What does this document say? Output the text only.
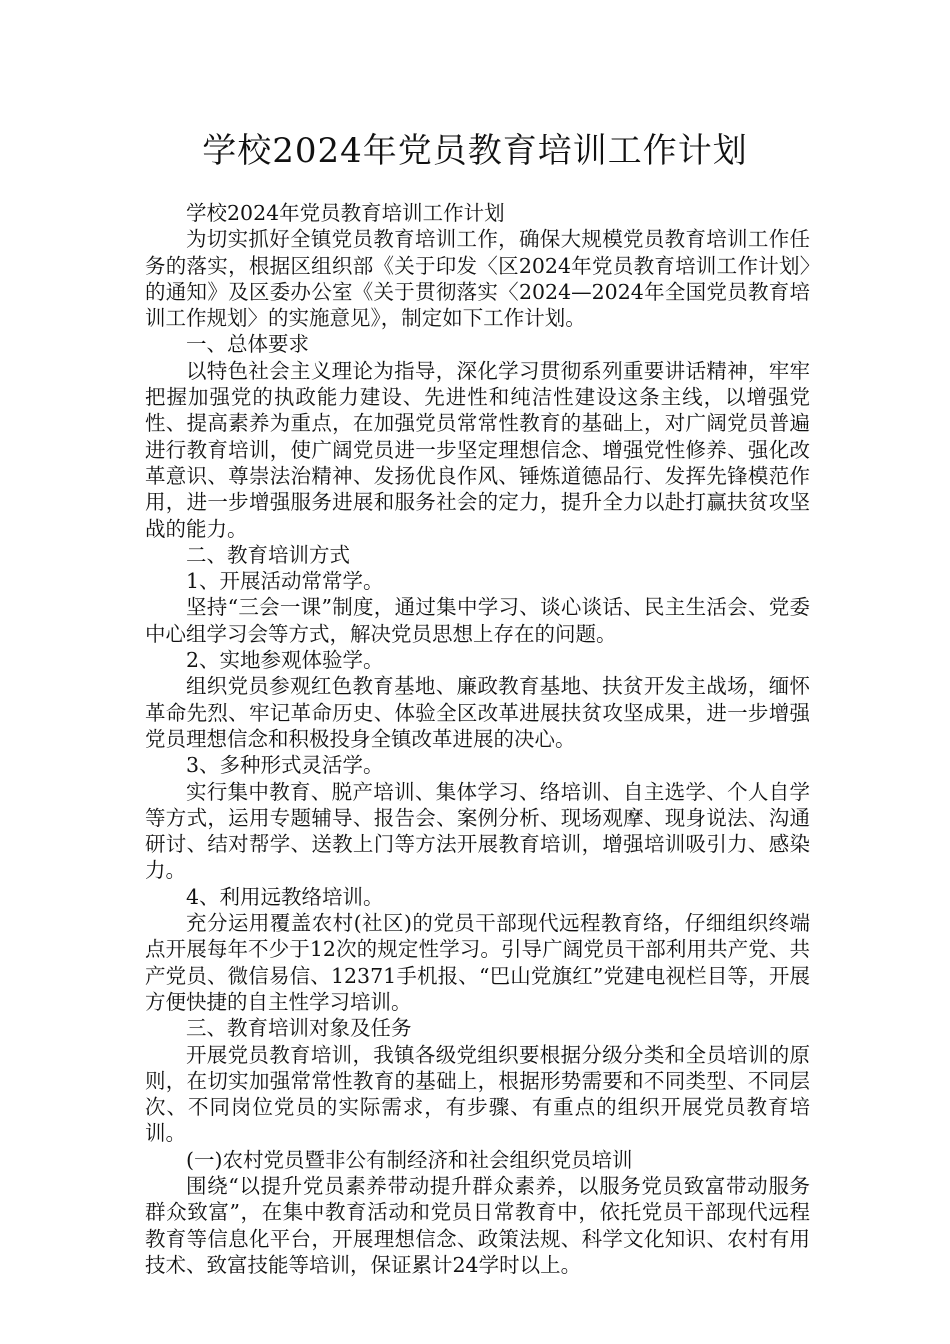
学校2024年党员教育培训工作计划

学校2024年党员教育培训工作计划

为切实抓好全镇党员教育培训工作，确保大规模党员教育培训工作任务的落实，根据区组织部《关于印发〈区2024年党员教育培训工作计划〉的通知》及区委办公室《关于贯彻落实〈2024—2024年全国党员教育培训工作规划〉的实施意见》，制定如下工作计划。

一、总体要求

以特色社会主义理论为指导，深化学习贯彻系列重要讲话精神，牢牢把握加强党的执政能力建设、先进性和纯洁性建设这条主线，以增强党性、提高素养为重点，在加强党员常常性教育的基础上，对广阔党员普遍进行教育培训，使广阔党员进一步坚定理想信念、增强党性修养、强化改革意识、尊崇法治精神、发扬优良作风、锤炼道德品行、发挥先锋模范作用，进一步增强服务进展和服务社会的定力，提升全力以赴打赢扶贫攻坚战的能力。

二、教育培训方式

1、开展活动常常学。

坚持“三会一课”制度，通过集中学习、谈心谈话、民主生活会、党委中心组学习会等方式，解决党员思想上存在的问题。

2、实地参观体验学。

组织党员参观红色教育基地、廉政教育基地、扶贫开发主战场，缅怀革命先烈、牢记革命历史、体验全区改革进展扶贫攻坚成果，进一步增强党员理想信念和积极投身全镇改革进展的决心。

3、多种形式灵活学。

实行集中教育、脱产培训、集体学习、络培训、自主选学、个人自学等方式，运用专题辅导、报告会、案例分析、现场观摩、现身说法、沟通研讨、结对帮学、送教上门等方法开展教育培训，增强培训吸引力、感染力。

4、利用远教络培训。

充分运用覆盖农村(社区)的党员干部现代远程教育络，仔细组织终端点开展每年不少于12次的规定性学习。引导广阔党员干部利用共产党、共产党员、微信易信、12371手机报、“巴山党旗红”党建电视栏目等，开展方便快捷的自主性学习培训。

三、教育培训对象及任务

开展党员教育培训，我镇各级党组织要根据分级分类和全员培训的原则，在切实加强常常性教育的基础上，根据形势需要和不同类型、不同层次、不同岗位党员的实际需求，有步骤、有重点的组织开展党员教育培训。

(一)农村党员暨非公有制经济和社会组织党员培训

围绕“以提升党员素养带动提升群众素养，以服务党员致富带动服务群众致富”，在集中教育活动和党员日常教育中，依托党员干部现代远程教育等信息化平台，开展理想信念、政策法规、科学文化知识、农村有用技术、致富技能等培训，保证累计24学时以上。
